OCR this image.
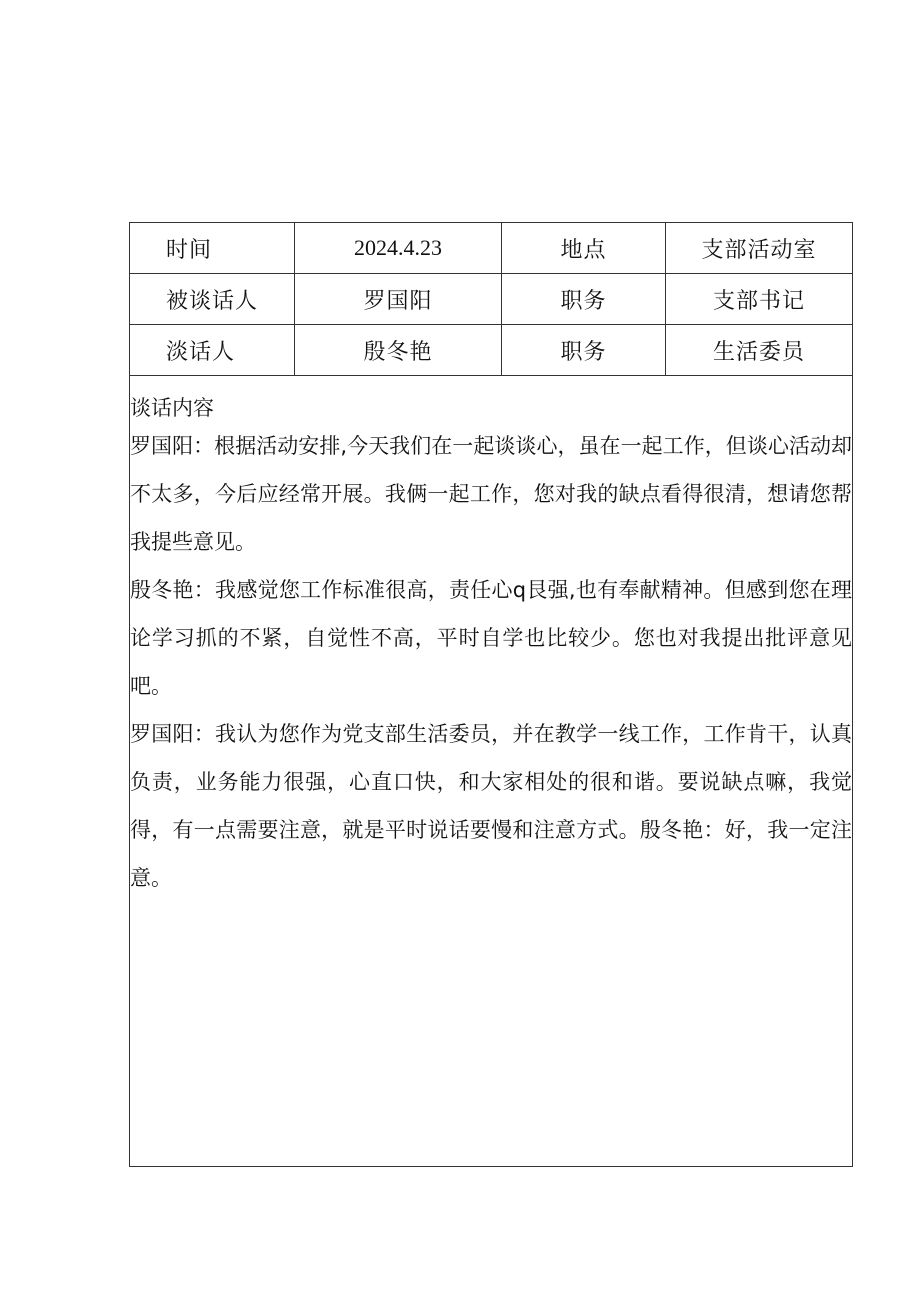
时间	2024.4.23	地点	支部活动室
被谈话人	罗国阳	职务	支部书记
淡话人	殷冬艳	职务	生活委员

谈话内容

罗国阳：根据活动安排,今天我们在一起谈谈心，虽在一起工作，但谈心活动却不太多，今后应经常开展。我俩一起工作，您对我的缺点看得很清，想请您帮我提些意见。

殷冬艳：我感觉您工作标准很高，责任心q艮强,也有奉献精神。但感到您在理论学习抓的不紧，自觉性不高，平时自学也比较少。您也对我提出批评意见吧。

罗国阳：我认为您作为党支部生活委员，并在教学一线工作，工作肯干，认真负责，业务能力很强，心直口快，和大家相处的很和谐。要说缺点嘛，我觉得，有一点需要注意，就是平时说话要慢和注意方式。殷冬艳：好，我一定注意。			
